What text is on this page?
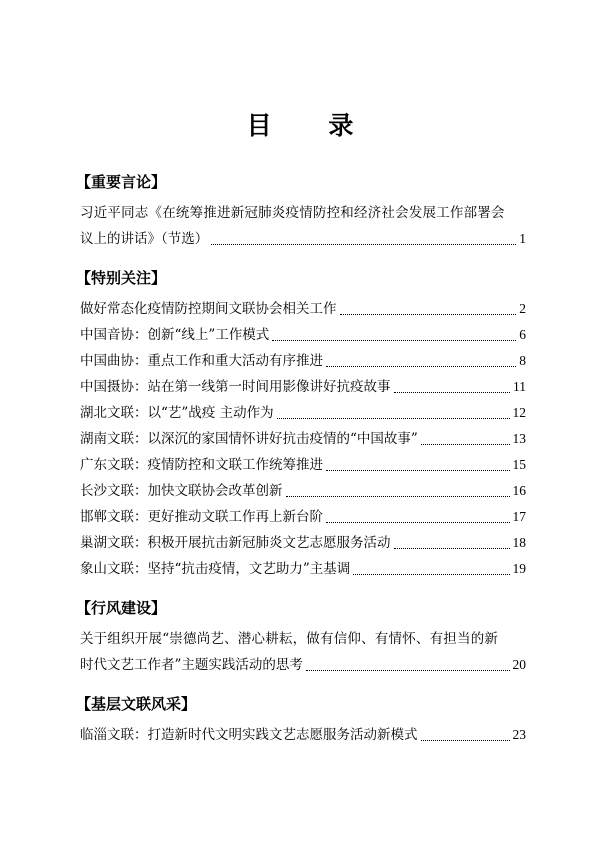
目 录
【重要言论】
习近平同志《在统筹推进新冠肺炎疫情防控和经济社会发展工作部署会
议上的讲话》（节选）	1
【特别关注】
做好常态化疫情防控期间文联协会相关工作	2
中国音协：创新“线上”工作模式	6
中国曲协：重点工作和重大活动有序推进	8
中国摄协：站在第一线第一时间用影像讲好抗疫故事	11
湖北文联：以“艺”战疫 主动作为	12
湖南文联：以深沉的家国情怀讲好抗击疫情的“中国故事”	13
广东文联：疫情防控和文联工作统筹推进	15
长沙文联：加快文联协会改革创新	16
邯郸文联：更好推动文联工作再上新台阶	17
巢湖文联：积极开展抗击新冠肺炎文艺志愿服务活动	18
象山文联：坚持“抗击疫情，文艺助力”主基调	19
【行风建设】
关于组织开展“崇德尚艺、潜心耕耘，做有信仰、有情怀、有担当的新
时代文艺工作者”主题实践活动的思考	20
【基层文联风采】
临淄文联：打造新时代文明实践文艺志愿服务活动新模式	23
